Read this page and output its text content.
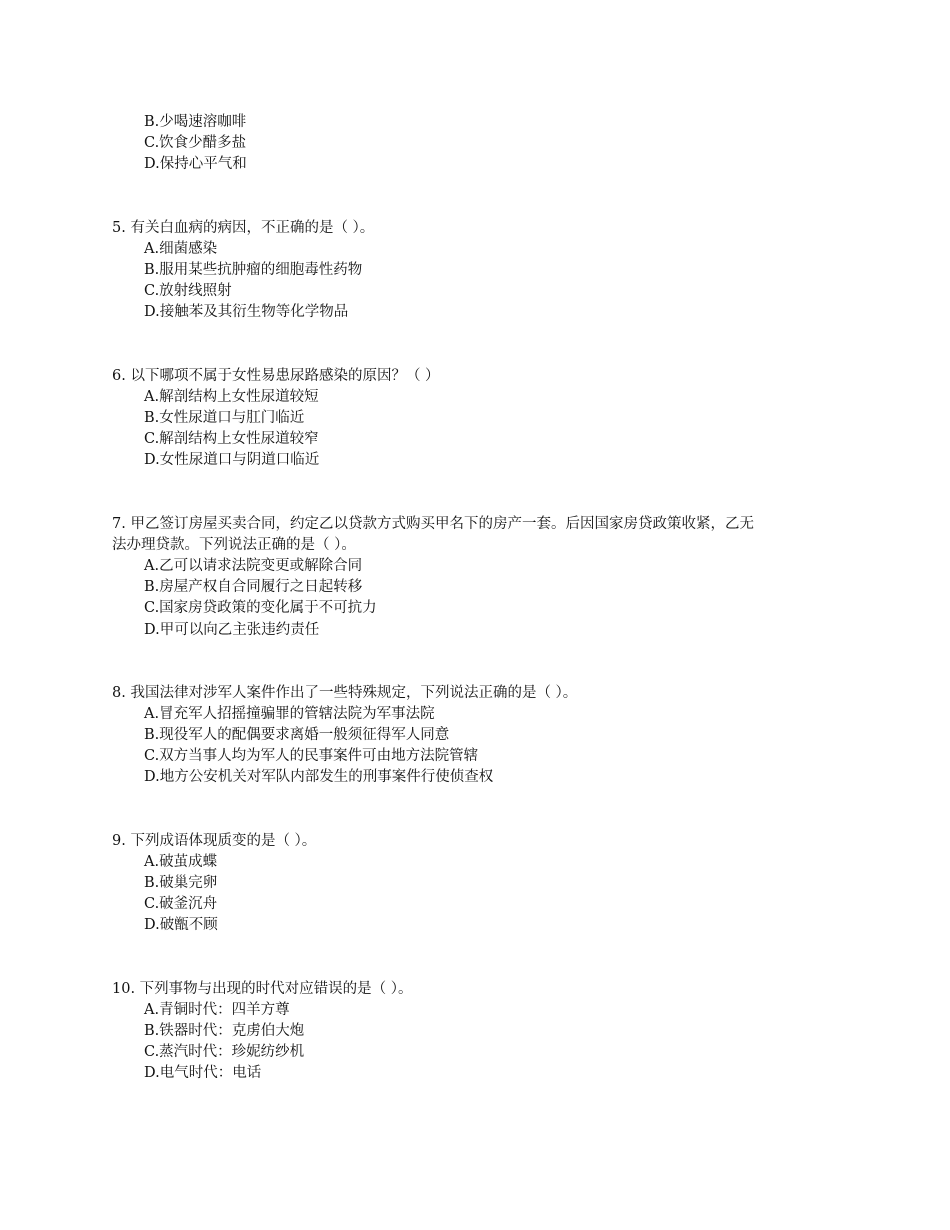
B.少喝速溶咖啡
C.饮食少醋多盐
D.保持心平气和
5. 有关白血病的病因，不正确的是（ ）。
A.细菌感染
B.服用某些抗肿瘤的细胞毒性药物
C.放射线照射
D.接触苯及其衍生物等化学物品
6. 以下哪项不属于女性易患尿路感染的原因？（ ）
A.解剖结构上女性尿道较短
B.女性尿道口与肛门临近
C.解剖结构上女性尿道较窄
D.女性尿道口与阴道口临近
7. 甲乙签订房屋买卖合同，约定乙以贷款方式购买甲名下的房产一套。后因国家房贷政策收紧，乙无
法办理贷款。下列说法正确的是（ ）。
A.乙可以请求法院变更或解除合同
B.房屋产权自合同履行之日起转移
C.国家房贷政策的变化属于不可抗力
D.甲可以向乙主张违约责任
8. 我国法律对涉军人案件作出了一些特殊规定，下列说法正确的是（ ）。
A.冒充军人招摇撞骗罪的管辖法院为军事法院
B.现役军人的配偶要求离婚一般须征得军人同意
C.双方当事人均为军人的民事案件可由地方法院管辖
D.地方公安机关对军队内部发生的刑事案件行使侦查权
9. 下列成语体现质变的是（ ）。
A.破茧成蝶
B.破巢完卵
C.破釜沉舟
D.破甑不顾
10. 下列事物与出现的时代对应错误的是（ ）。
A.青铜时代：四羊方尊
B.铁器时代：克虏伯大炮
C.蒸汽时代：珍妮纺纱机
D.电气时代：电话
